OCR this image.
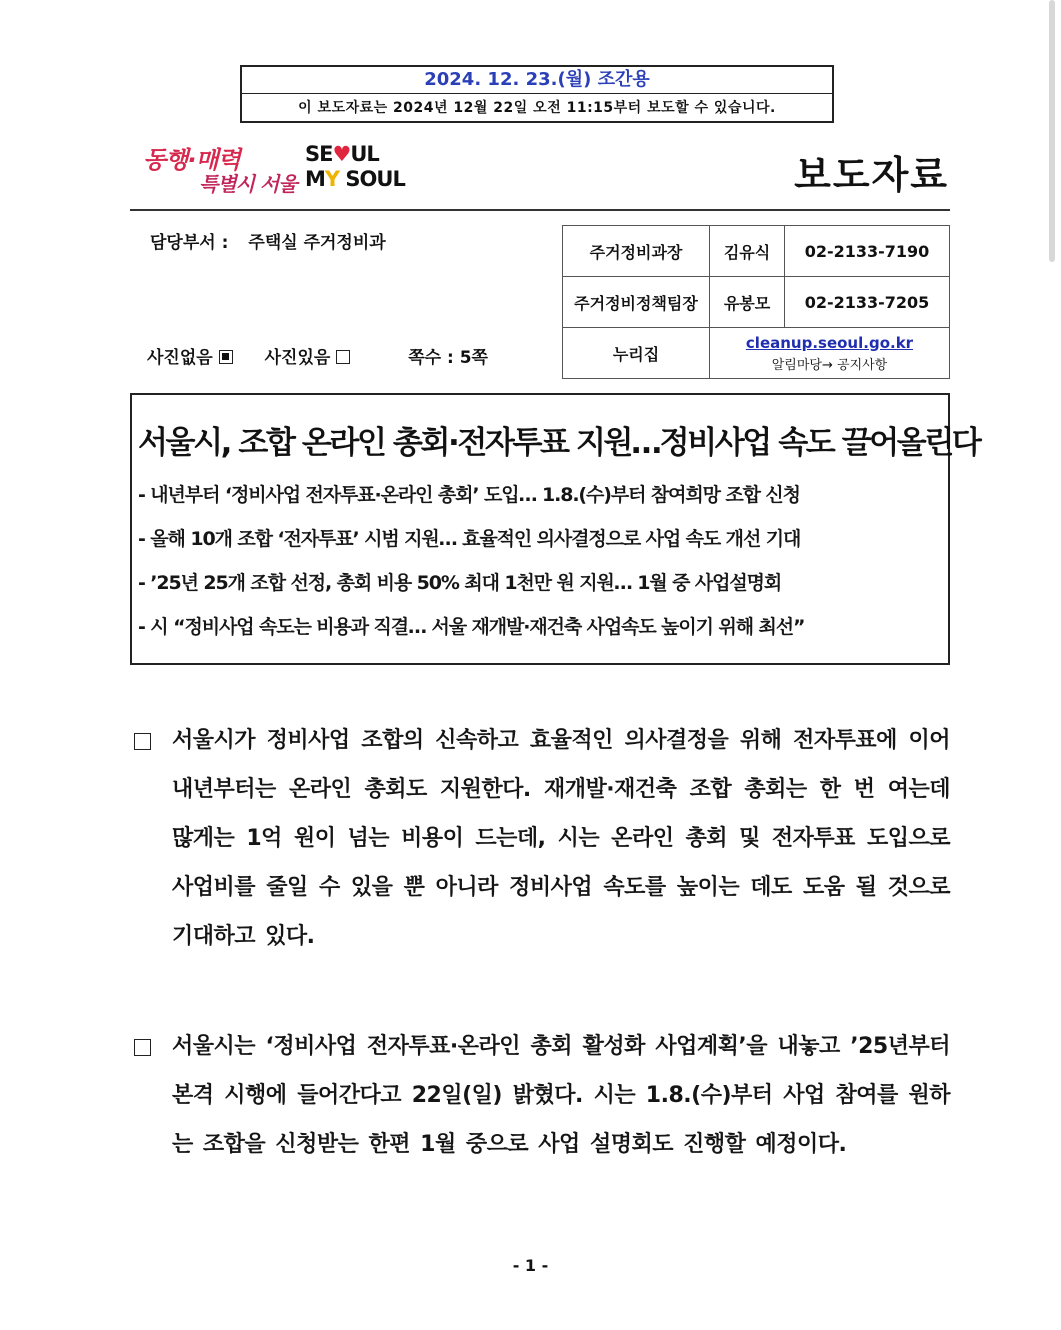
2024. 12. 23.(월) 조간용
이 보도자료는 2024년 12월 22일 오전 11:15부터 보도할 수 있습니다.
동행·매력
특별시 서울
SE♥UL
MY SOUL	보도자료
담당부서 : 주택실 주거정비과
사진없음	사진있음	쪽수 : 5쪽
주거정비과장	김유식	02-2133-7190
주거정비정책팀장	유봉모	02-2133-7205
누리집	cleanup.seoul.go.kr
알림마당→ 공지사항	
서울시, 조합 온라인 총회·전자투표 지원…정비사업 속도 끌어올린다
- 내년부터 ‘정비사업 전자투표·온라인 총회’ 도입… 1.8.(수)부터 참여희망 조합 신청
- 올해 10개 조합 ‘전자투표’ 시범 지원… 효율적인 의사결정으로 사업 속도 개선 기대
- ’25년 25개 조합 선정, 총회 비용 50% 최대 1천만 원 지원… 1월 중 사업설명회
- 시 “정비사업 속도는 비용과 직결… 서울 재개발·재건축 사업속도 높이기 위해 최선”
서울시가 정비사업 조합의 신속하고 효율적인 의사결정을 위해 전자투표에 이어 내년부터는 온라인 총회도 지원한다. 재개발·재건축 조합 총회는 한 번 여는데 많게는 1억 원이 넘는 비용이 드는데, 시는 온라인 총회 및 전자투표 도입으로 사업비를 줄일 수 있을 뿐 아니라 정비사업 속도를 높이는 데도 도움 될 것으로 기대하고 있다.
서울시는 ‘정비사업 전자투표·온라인 총회 활성화 사업계획’을 내놓고 ’25년부터 본격 시행에 들어간다고 22일(일) 밝혔다. 시는 1.8.(수)부터 사업 참여를 원하는 조합을 신청받는 한편 1월 중으로 사업 설명회도 진행할 예정이다.
- 1 -
